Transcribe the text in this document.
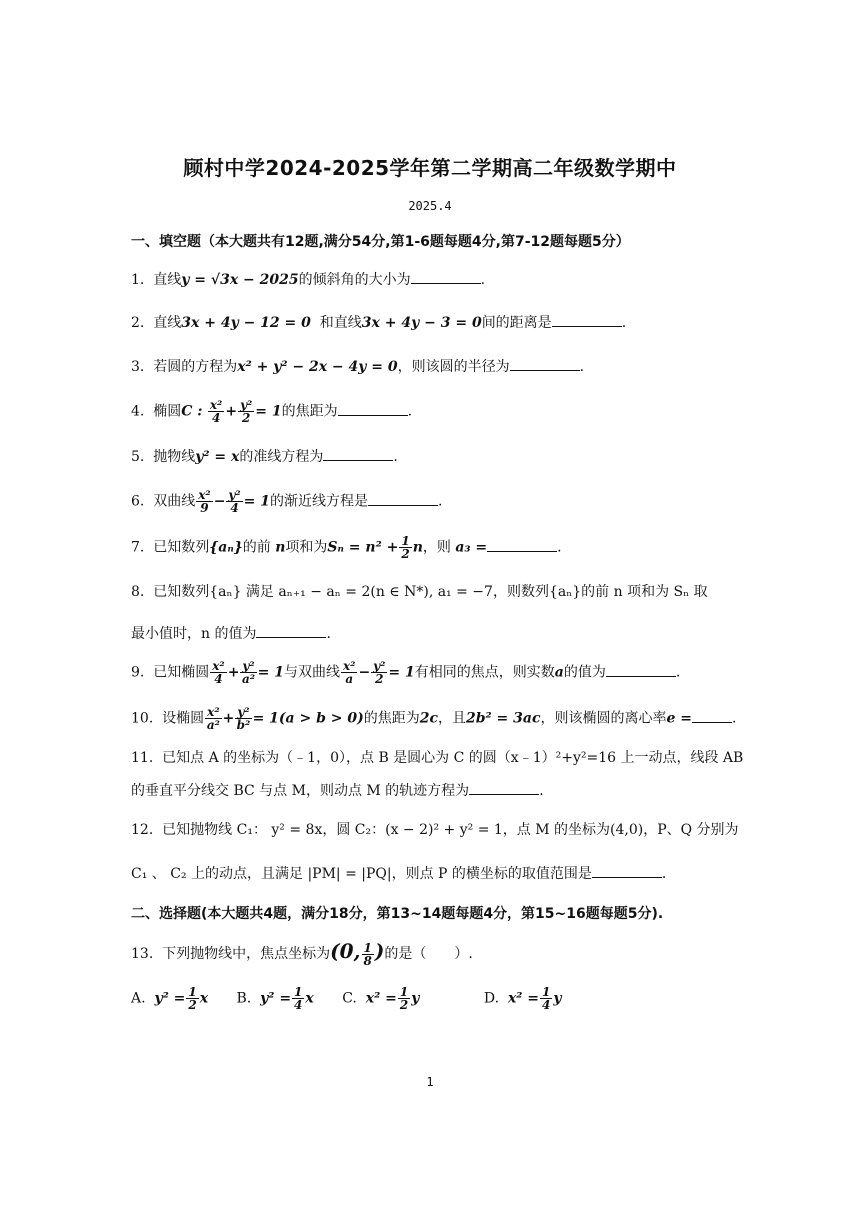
顾村中学2024-2025学年第二学期高二年级数学期中
2025.4
一、填空题（本大题共有12题,满分54分,第1-6题每题4分,第7-12题每题5分）
1. 直线y = √3x − 2025的倾斜角的大小为	.
2. 直线3x + 4y − 12 = 0 和直线3x + 4y − 3 = 0间的距离是	.
3. 若圆的方程为x² + y² − 2x − 4y = 0，则该圆的半径为	.
4. 椭圆C : $\frac{\text{x²}}{4} + \frac{\text{y²}}{2} = 1$的焦距为	.
5. 抛物线y² = x的准线方程为	.
6. 双曲线 $\frac{\text{x²}}{9} - \frac{\text{y²}}{4} = 1$的渐近线方程是	.
7. 已知数列{aₙ}的前 n项和为$S_n = n^2 + \frac{1}{2}$ n，则 a₃ =	.
8. 已知数列{aₙ} 满足 aₙ₊₁ − aₙ = 2(n ∈ N*), a₁ = −7，则数列{aₙ}的前 n 项和为 Sₙ 取
最小值时，n 的值为	.
9. 已知椭圆 $\frac{\text{x²}}{4} + \frac{\text{y²}}{\text{a²}} = 1$与双曲线 $\frac{\text{x²}}{a} - \frac{\text{y²}}{2} = 1$有相同的焦点，则实数a的值为	.
10. 设椭圆 $\frac{\text{x²}}{\text{a²}} + \frac{\text{y²}}{\text{b²}} = 1(a > b > 0)$的焦距为2c，且2b² = 3ac，则该椭圆的离心率e =	.
11. 已知点 A 的坐标为（﹣1，0），点 B 是圆心为 C 的圆（x﹣1）²+y²=16 上一动点，线段 AB
的垂直平分线交 BC 与点 M，则动点 M 的轨迹方程为	.
12. 已知抛物线 C₁： y² = 8x，圆 C₂：(x − 2)² + y² = 1，点 M 的坐标为(4,0)，P、Q 分别为
C₁ 、 C₂ 上的动点，且满足 |PM| = |PQ|，则点 P 的横坐标的取值范围是	.
二、选择题(本大题共4题，满分18分，第13~14题每题4分，第15~16题每题5分).
13. 下列抛物线中，焦点坐标为(0, $\frac{1}{8}$ )的是（　　）.
A. $y^2 = \frac{1}{2}$ x B. $y^2 = \frac{1}{4}$ x C. $x^2 = \frac{1}{2}$ y	D. $x^2 = \frac{1}{4}$ y
1
